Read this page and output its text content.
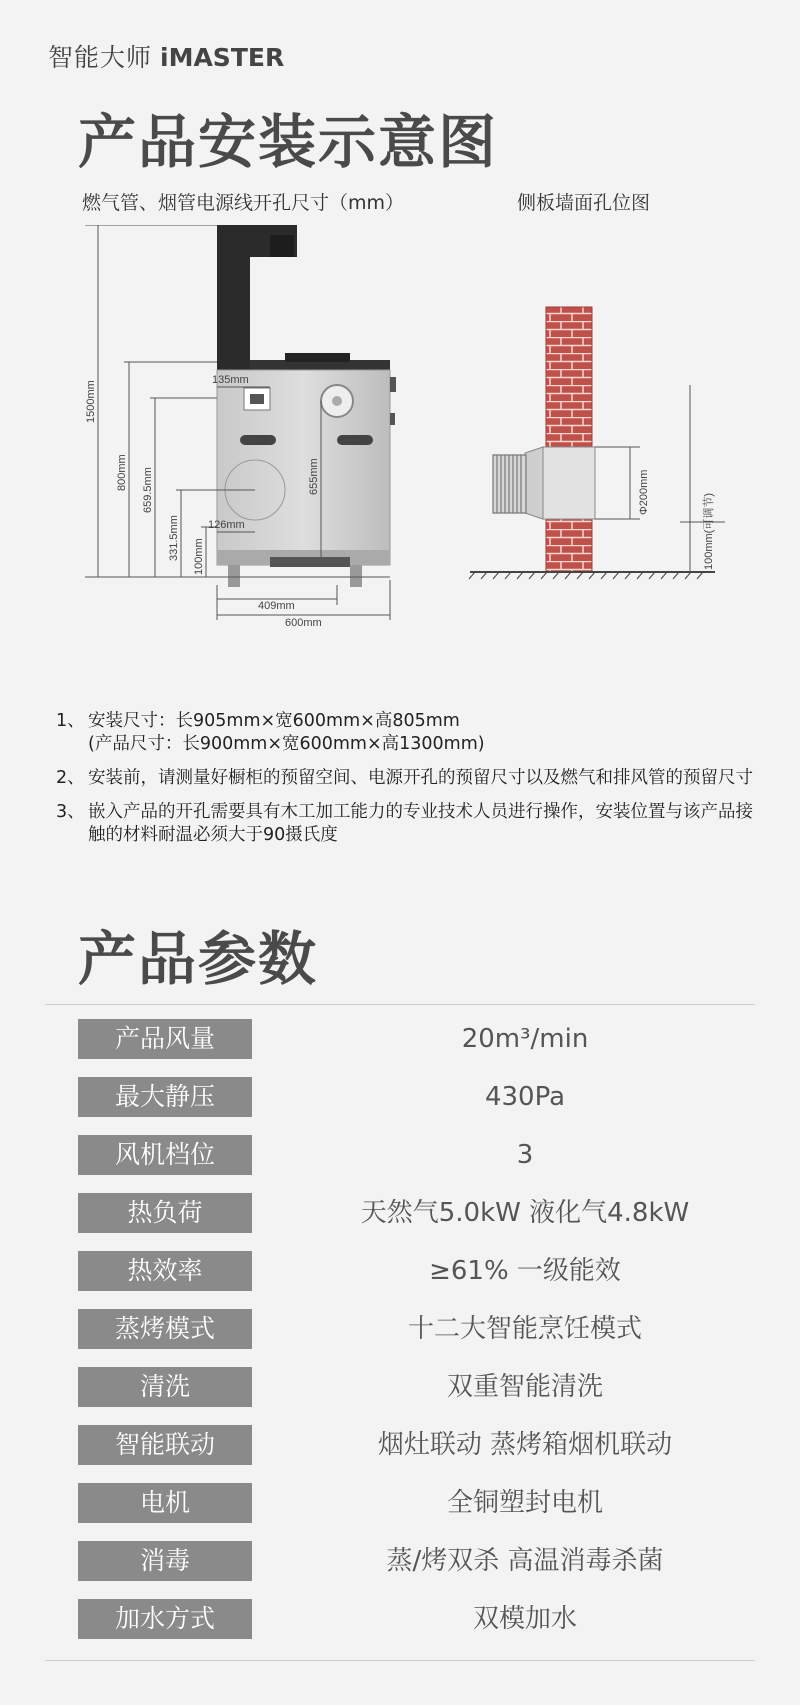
智能大师 iMASTER
产品安装示意图
燃气管、烟管电源线开孔尺寸（mm）	侧板墙面孔位图
1500mm
800mm 659.5mm
331.5mm 100mm
135mm
655mm
126mm
409mm
600mm
Φ200mm
100mm(可调节)
1、 安装尺寸：长905mm×宽600mm×高805mm
(产品尺寸：长900mm×宽600mm×高1300mm)
2、 安装前，请测量好橱柜的预留空间、电源开孔的预留尺寸以及燃气和排风管的预留尺寸
3、 嵌入产品的开孔需要具有木工加工能力的专业技术人员进行操作，安装位置与该产品接触的材料耐温必须大于90摄氏度
产品参数
产品风量	20m³/min
最大静压	430Pa
风机档位	3
热负荷	天然气5.0kW 液化气4.8kW
热效率	≥61% 一级能效
蒸烤模式	十二大智能烹饪模式
清洗	双重智能清洗
智能联动	烟灶联动 蒸烤箱烟机联动
电机	全铜塑封电机
消毒	蒸/烤双杀 高温消毒杀菌
加水方式	双模加水
